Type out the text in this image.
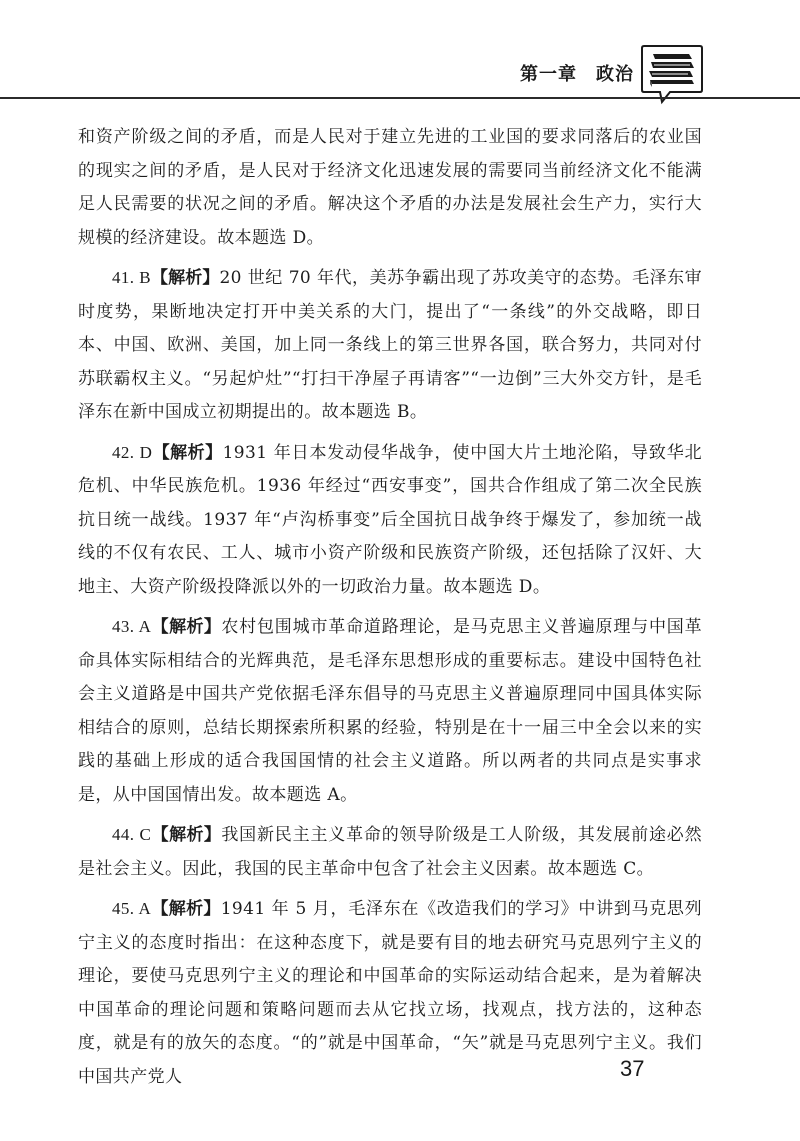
第一章　政治

和资产阶级之间的矛盾，而是人民对于建立先进的工业国的要求同落后的农业国的现实之间的矛盾，是人民对于经济文化迅速发展的需要同当前经济文化不能满足人民需要的状况之间的矛盾。解决这个矛盾的办法是发展社会生产力，实行大规模的经济建设。故本题选 D。

41. B【解析】20 世纪 70 年代，美苏争霸出现了苏攻美守的态势。毛泽东审时度势，果断地决定打开中美关系的大门，提出了“一条线”的外交战略，即日本、中国、欧洲、美国，加上同一条线上的第三世界各国，联合努力，共同对付苏联霸权主义。“另起炉灶”“打扫干净屋子再请客”“一边倒”三大外交方针，是毛泽东在新中国成立初期提出的。故本题选 B。

42. D【解析】1931 年日本发动侵华战争，使中国大片土地沦陷，导致华北危机、中华民族危机。1936 年经过“西安事变”，国共合作组成了第二次全民族抗日统一战线。1937 年“卢沟桥事变”后全国抗日战争终于爆发了，参加统一战线的不仅有农民、工人、城市小资产阶级和民族资产阶级，还包括除了汉奸、大地主、大资产阶级投降派以外的一切政治力量。故本题选 D。

43. A【解析】农村包围城市革命道路理论，是马克思主义普遍原理与中国革命具体实际相结合的光辉典范，是毛泽东思想形成的重要标志。建设中国特色社会主义道路是中国共产党依据毛泽东倡导的马克思主义普遍原理同中国具体实际相结合的原则，总结长期探索所积累的经验，特别是在十一届三中全会以来的实践的基础上形成的适合我国国情的社会主义道路。所以两者的共同点是实事求是，从中国国情出发。故本题选 A。

44. C【解析】我国新民主主义革命的领导阶级是工人阶级，其发展前途必然是社会主义。因此，我国的民主革命中包含了社会主义因素。故本题选 C。

45. A【解析】1941 年 5 月，毛泽东在《改造我们的学习》中讲到马克思列宁主义的态度时指出：在这种态度下，就是要有目的地去研究马克思列宁主义的理论，要使马克思列宁主义的理论和中国革命的实际运动结合起来，是为着解决中国革命的理论问题和策略问题而去从它找立场，找观点，找方法的，这种态度，就是有的放矢的态度。“的”就是中国革命，“矢”就是马克思列宁主义。我们中国共产党人	37
